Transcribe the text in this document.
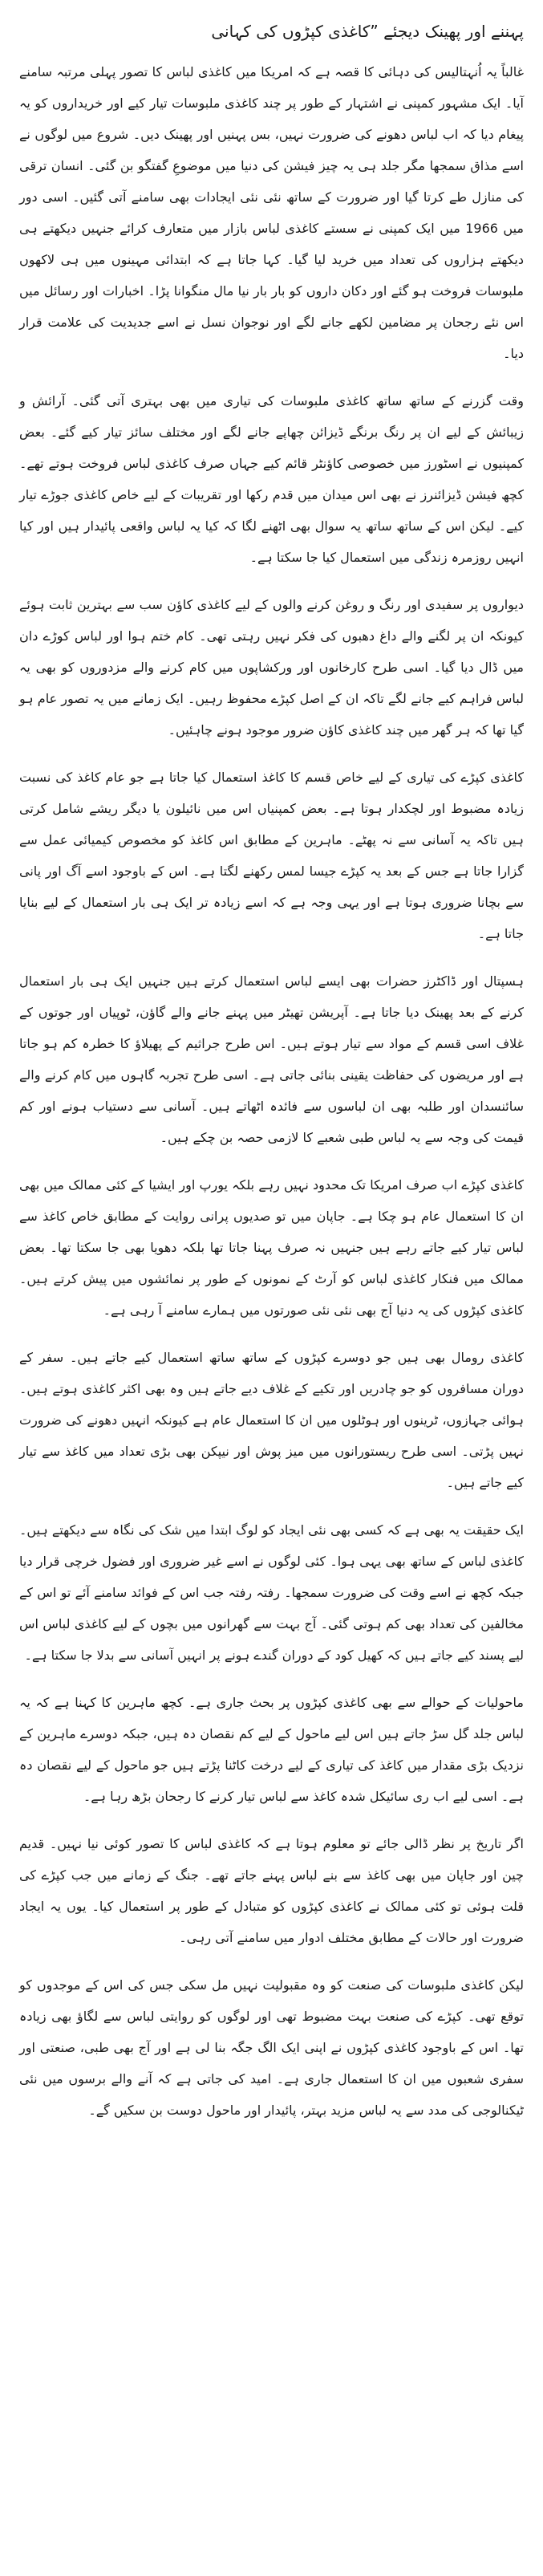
پہننے اور پھینک دیجئے ”کاغذی کپڑوں کی کہانی

غالباً یہ اُنہتالیس کی دہائی کا قصہ ہے کہ امریکا میں کاغذی لباس کا تصور پہلی مرتبہ سامنے آیا۔ ایک مشہور کمپنی نے اشتہار کے طور پر چند کاغذی ملبوسات تیار کیے اور خریداروں کو یہ پیغام دیا کہ اب لباس دھونے کی ضرورت نہیں، بس پہنیں اور پھینک دیں۔ شروع میں لوگوں نے اسے مذاق سمجھا مگر جلد ہی یہ چیز فیشن کی دنیا میں موضوعِ گفتگو بن گئی۔ انسان ترقی کی منازل طے کرتا گیا اور ضرورت کے ساتھ نئی نئی ایجادات بھی سامنے آتی گئیں۔ اسی دور میں 1966 میں ایک کمپنی نے سستے کاغذی لباس بازار میں متعارف کرائے جنہیں دیکھتے ہی دیکھتے ہزاروں کی تعداد میں خرید لیا گیا۔ کہا جاتا ہے کہ ابتدائی مہینوں میں ہی لاکھوں ملبوسات فروخت ہو گئے اور دکان داروں کو بار بار نیا مال منگوانا پڑا۔ اخبارات اور رسائل میں اس نئے رجحان پر مضامین لکھے جانے لگے اور نوجوان نسل نے اسے جدیدیت کی علامت قرار دیا۔

وقت گزرنے کے ساتھ ساتھ کاغذی ملبوسات کی تیاری میں بھی بہتری آتی گئی۔ آرائش و زیبائش کے لیے ان پر رنگ برنگے ڈیزائن چھاپے جانے لگے اور مختلف سائز تیار کیے گئے۔ بعض کمپنیوں نے اسٹورز میں خصوصی کاؤنٹر قائم کیے جہاں صرف کاغذی لباس فروخت ہوتے تھے۔ کچھ فیشن ڈیزائنرز نے بھی اس میدان میں قدم رکھا اور تقریبات کے لیے خاص کاغذی جوڑے تیار کیے۔ لیکن اس کے ساتھ ساتھ یہ سوال بھی اٹھنے لگا کہ کیا یہ لباس واقعی پائیدار ہیں اور کیا انہیں روزمرہ زندگی میں استعمال کیا جا سکتا ہے۔

دیواروں پر سفیدی اور رنگ و روغن کرنے والوں کے لیے کاغذی کاؤن سب سے بہترین ثابت ہوئے کیونکہ ان پر لگنے والے داغ دھبوں کی فکر نہیں رہتی تھی۔ کام ختم ہوا اور لباس کوڑے دان میں ڈال دیا گیا۔ اسی طرح کارخانوں اور ورکشاپوں میں کام کرنے والے مزدوروں کو بھی یہ لباس فراہم کیے جانے لگے تاکہ ان کے اصل کپڑے محفوظ رہیں۔ ایک زمانے میں یہ تصور عام ہو گیا تھا کہ ہر گھر میں چند کاغذی کاؤن ضرور موجود ہونے چاہئیں۔

کاغذی کپڑے کی تیاری کے لیے خاص قسم کا کاغذ استعمال کیا جاتا ہے جو عام کاغذ کی نسبت زیادہ مضبوط اور لچکدار ہوتا ہے۔ بعض کمپنیاں اس میں نائیلون یا دیگر ریشے شامل کرتی ہیں تاکہ یہ آسانی سے نہ پھٹے۔ ماہرین کے مطابق اس کاغذ کو مخصوص کیمیائی عمل سے گزارا جاتا ہے جس کے بعد یہ کپڑے جیسا لمس رکھنے لگتا ہے۔ اس کے باوجود اسے آگ اور پانی سے بچانا ضروری ہوتا ہے اور یہی وجہ ہے کہ اسے زیادہ تر ایک ہی بار استعمال کے لیے بنایا جاتا ہے۔

ہسپتال اور ڈاکٹرز حضرات بھی ایسے لباس استعمال کرتے ہیں جنہیں ایک ہی بار استعمال کرنے کے بعد پھینک دیا جاتا ہے۔ آپریشن تھیٹر میں پہنے جانے والے گاؤن، ٹوپیاں اور جوتوں کے غلاف اسی قسم کے مواد سے تیار ہوتے ہیں۔ اس طرح جراثیم کے پھیلاؤ کا خطرہ کم ہو جاتا ہے اور مریضوں کی حفاظت یقینی بنائی جاتی ہے۔ اسی طرح تجربہ گاہوں میں کام کرنے والے سائنسدان اور طلبہ بھی ان لباسوں سے فائدہ اٹھاتے ہیں۔ آسانی سے دستیاب ہونے اور کم قیمت کی وجہ سے یہ لباس طبی شعبے کا لازمی حصہ بن چکے ہیں۔

کاغذی کپڑے اب صرف امریکا تک محدود نہیں رہے بلکہ یورپ اور ایشیا کے کئی ممالک میں بھی ان کا استعمال عام ہو چکا ہے۔ جاپان میں تو صدیوں پرانی روایت کے مطابق خاص کاغذ سے لباس تیار کیے جاتے رہے ہیں جنہیں نہ صرف پہنا جاتا تھا بلکہ دھویا بھی جا سکتا تھا۔ بعض ممالک میں فنکار کاغذی لباس کو آرٹ کے نمونوں کے طور پر نمائشوں میں پیش کرتے ہیں۔ کاغذی کپڑوں کی یہ دنیا آج بھی نئی نئی صورتوں میں ہمارے سامنے آ رہی ہے۔

کاغذی رومال بھی ہیں جو دوسرے کپڑوں کے ساتھ ساتھ استعمال کیے جاتے ہیں۔ سفر کے دوران مسافروں کو جو چادریں اور تکیے کے غلاف دیے جاتے ہیں وہ بھی اکثر کاغذی ہوتے ہیں۔ ہوائی جہازوں، ٹرینوں اور ہوٹلوں میں ان کا استعمال عام ہے کیونکہ انہیں دھونے کی ضرورت نہیں پڑتی۔ اسی طرح ریستورانوں میں میز پوش اور نیپکن بھی بڑی تعداد میں کاغذ سے تیار کیے جاتے ہیں۔

ایک حقیقت یہ بھی ہے کہ کسی بھی نئی ایجاد کو لوگ ابتدا میں شک کی نگاہ سے دیکھتے ہیں۔ کاغذی لباس کے ساتھ بھی یہی ہوا۔ کئی لوگوں نے اسے غیر ضروری اور فضول خرچی قرار دیا جبکہ کچھ نے اسے وقت کی ضرورت سمجھا۔ رفتہ رفتہ جب اس کے فوائد سامنے آئے تو اس کے مخالفین کی تعداد بھی کم ہوتی گئی۔ آج بہت سے گھرانوں میں بچوں کے لیے کاغذی لباس اس لیے پسند کیے جاتے ہیں کہ کھیل کود کے دوران گندے ہونے پر انہیں آسانی سے بدلا جا سکتا ہے۔

ماحولیات کے حوالے سے بھی کاغذی کپڑوں پر بحث جاری ہے۔ کچھ ماہرین کا کہنا ہے کہ یہ لباس جلد گل سڑ جاتے ہیں اس لیے ماحول کے لیے کم نقصان دہ ہیں، جبکہ دوسرے ماہرین کے نزدیک بڑی مقدار میں کاغذ کی تیاری کے لیے درخت کاٹنا پڑتے ہیں جو ماحول کے لیے نقصان دہ ہے۔ اسی لیے اب ری سائیکل شدہ کاغذ سے لباس تیار کرنے کا رجحان بڑھ رہا ہے۔

اگر تاریخ پر نظر ڈالی جائے تو معلوم ہوتا ہے کہ کاغذی لباس کا تصور کوئی نیا نہیں۔ قدیم چین اور جاپان میں بھی کاغذ سے بنے لباس پہنے جاتے تھے۔ جنگ کے زمانے میں جب کپڑے کی قلت ہوئی تو کئی ممالک نے کاغذی کپڑوں کو متبادل کے طور پر استعمال کیا۔ یوں یہ ایجاد ضرورت اور حالات کے مطابق مختلف ادوار میں سامنے آتی رہی۔

لیکن کاغذی ملبوسات کی صنعت کو وہ مقبولیت نہیں مل سکی جس کی اس کے موجدوں کو توقع تھی۔ کپڑے کی صنعت بہت مضبوط تھی اور لوگوں کو روایتی لباس سے لگاؤ بھی زیادہ تھا۔ اس کے باوجود کاغذی کپڑوں نے اپنی ایک الگ جگہ بنا لی ہے اور آج بھی طبی، صنعتی اور سفری شعبوں میں ان کا استعمال جاری ہے۔ امید کی جاتی ہے کہ آنے والے برسوں میں نئی ٹیکنالوجی کی مدد سے یہ لباس مزید بہتر، پائیدار اور ماحول دوست بن سکیں گے۔
